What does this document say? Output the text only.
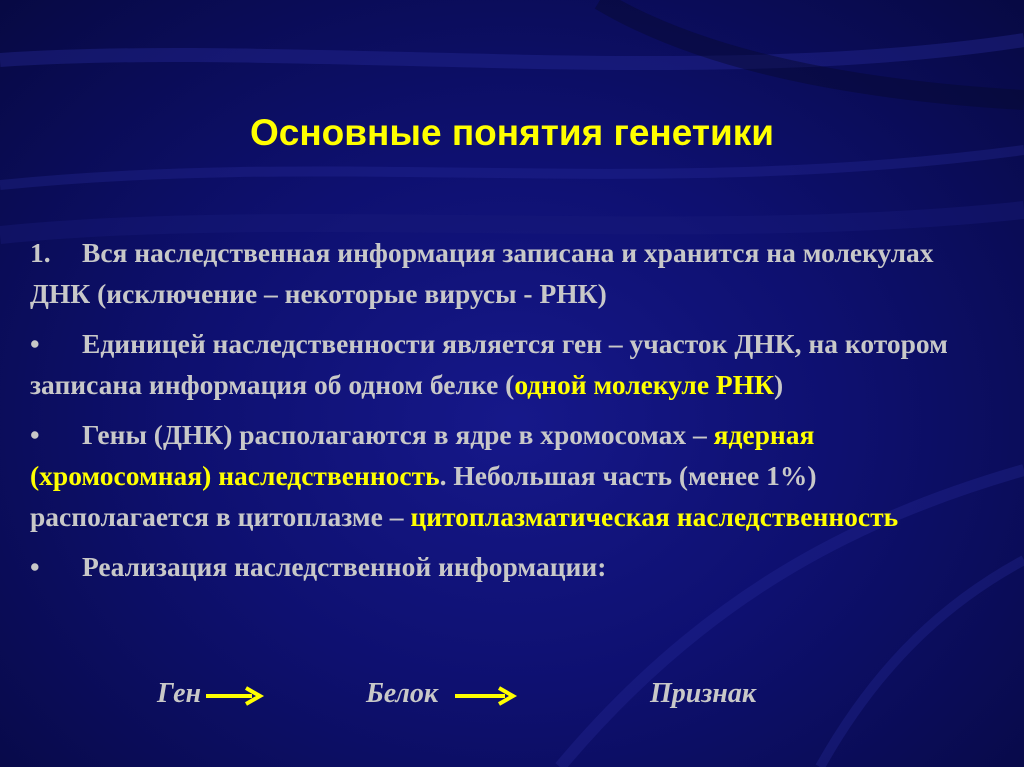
Основные понятия генетики

1. Вся наследственная информация записана и хранится на молекулах ДНК (исключение – некоторые вирусы - РНК)

• Единицей наследственности является ген – участок ДНК, на котором записана информация об одном белке (одной молекуле РНК)

• Гены (ДНК) располагаются в ядре в хромосомах – ядерная (хромосомная) наследственность. Небольшая часть (менее 1%) располагается в цитоплазме – цитоплазматическая наследственность

• Реализация наследственной информации:

Ген	Белок	Признак
